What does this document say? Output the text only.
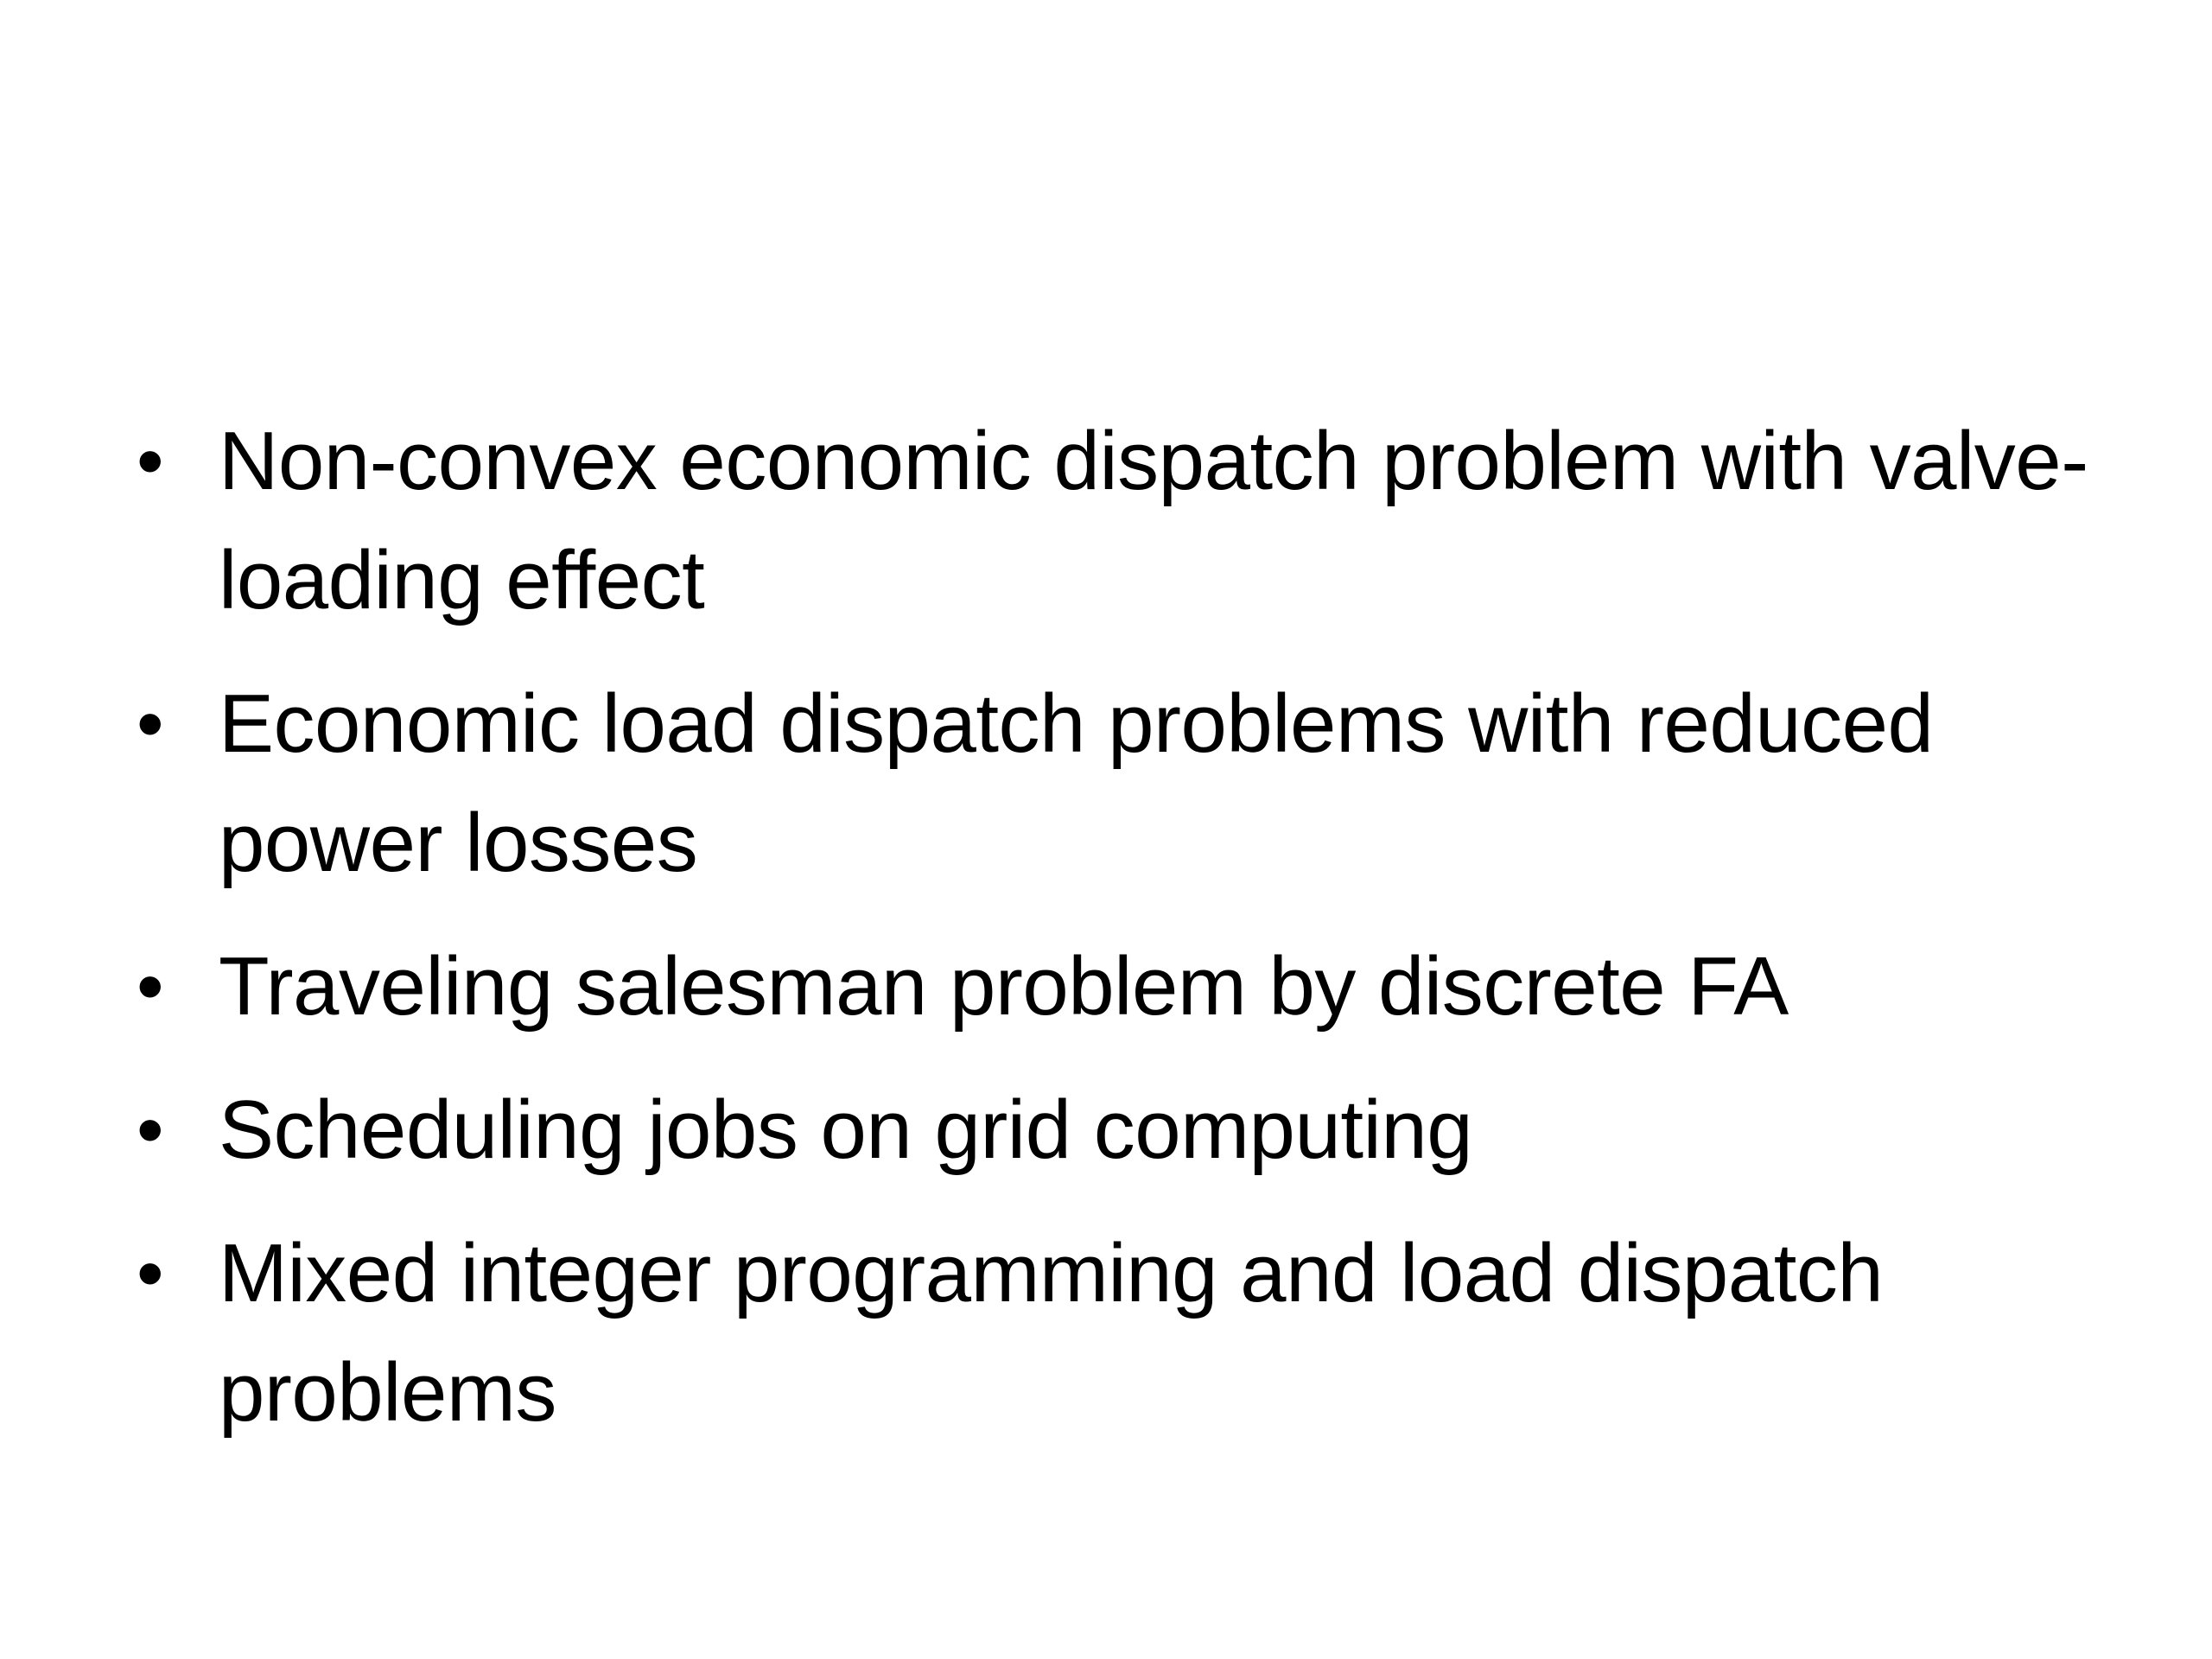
• Non-convex economic dispatch problem with valve-loading effect
• Economic load dispatch problems with reduced power losses
• Traveling salesman problem by discrete FA
• Scheduling jobs on grid computing
• Mixed integer programming and load dispatch problems
